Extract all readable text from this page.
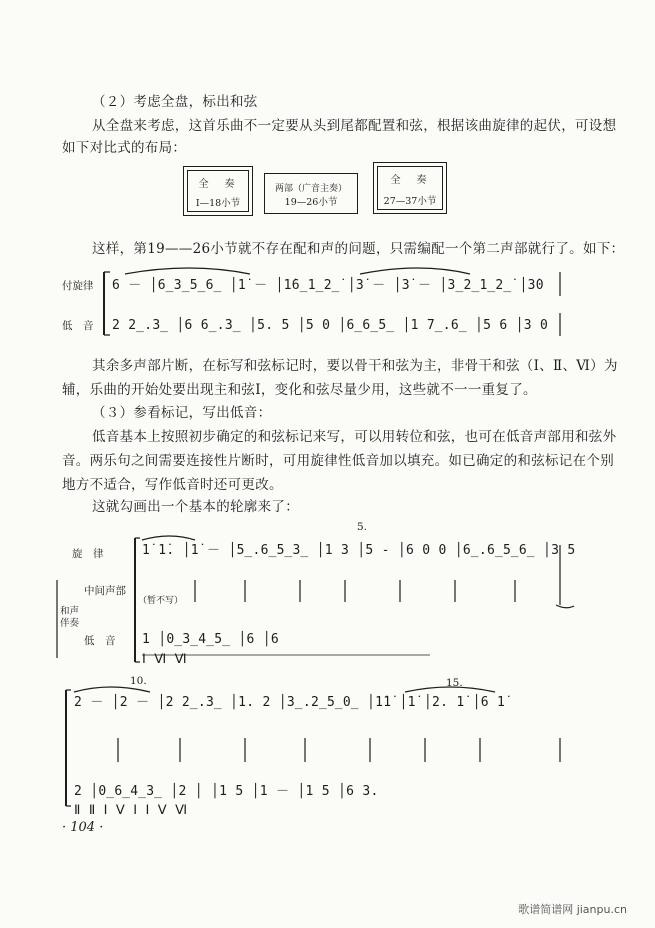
（２）考虑全盘，标出和弦
从全盘来考虑，这首乐曲不一定要从头到尾都配置和弦，根据该曲旋律的起伏，可设想
如下对比式的布局：
全　奏
Ⅰ—18小节
两部（广音主奏）
19—26小节
全　奏
27—37小节
这样，第19——26小节就不存在配和声的问题，只需编配一个第二声部就行了。如下：
付旋律
低　音
6 － │6̲3̲5̲6̲ │1̇ － │1̇6̲1̲2̲̇ │3̇ － │3̇ － │3̲2̲1̲2̲̇ │3̇0
2 2̲.3̲ │6 6̲.3̲ │5. 5 │5 0 │6̲6̲5̲ │1 7̲.6̲ │5 6 │3 0
其余多声部片断，在标写和弦标记时，要以骨干和弦为主，非骨干和弦（Ⅰ、Ⅱ、Ⅵ）为
辅，乐曲的开始处要出现主和弦Ⅰ，变化和弦尽量少用，这些就不一一重复了。
（３）参看标记，写出低音：
低音基本上按照初步确定的和弦标记来写，可以用转位和弦，也可在低音声部用和弦外
音。两乐句之间需要连接性片断时，可用旋律性低音加以填充。如已确定的和弦标记在个别
地方不适合，写作低音时还可更改。
这就勾画出一个基本的轮廓来了：
5.
旋　律
中间声部
（暂不写）
和声伴奏
低　音
1̇ 1̇. │1̇ － │5̲.6̲5̲3̲ │1 3 │5 ‐ │6 0 0 │6̲.6̲5̲6̲ │3 5
1 │0̲3̲4̲5̲ │6 │6
Ⅰ Ⅵ Ⅵ
10.	15.
2 － │2 － │2 2̲.3̲ │1. 2 │3̲.2̲5̲0̲ │1̇1̇ │1̇ │2. 1̇ │6 1̇
2 │0̲6̲4̲3̲ │2 │ │1 5 │1 － │1 5 │6 3.
Ⅱ Ⅱ Ⅰ Ⅴ Ⅰ Ⅰ Ⅴ Ⅵ
· 104 ·
歌谱简谱网 jianpu.cn
